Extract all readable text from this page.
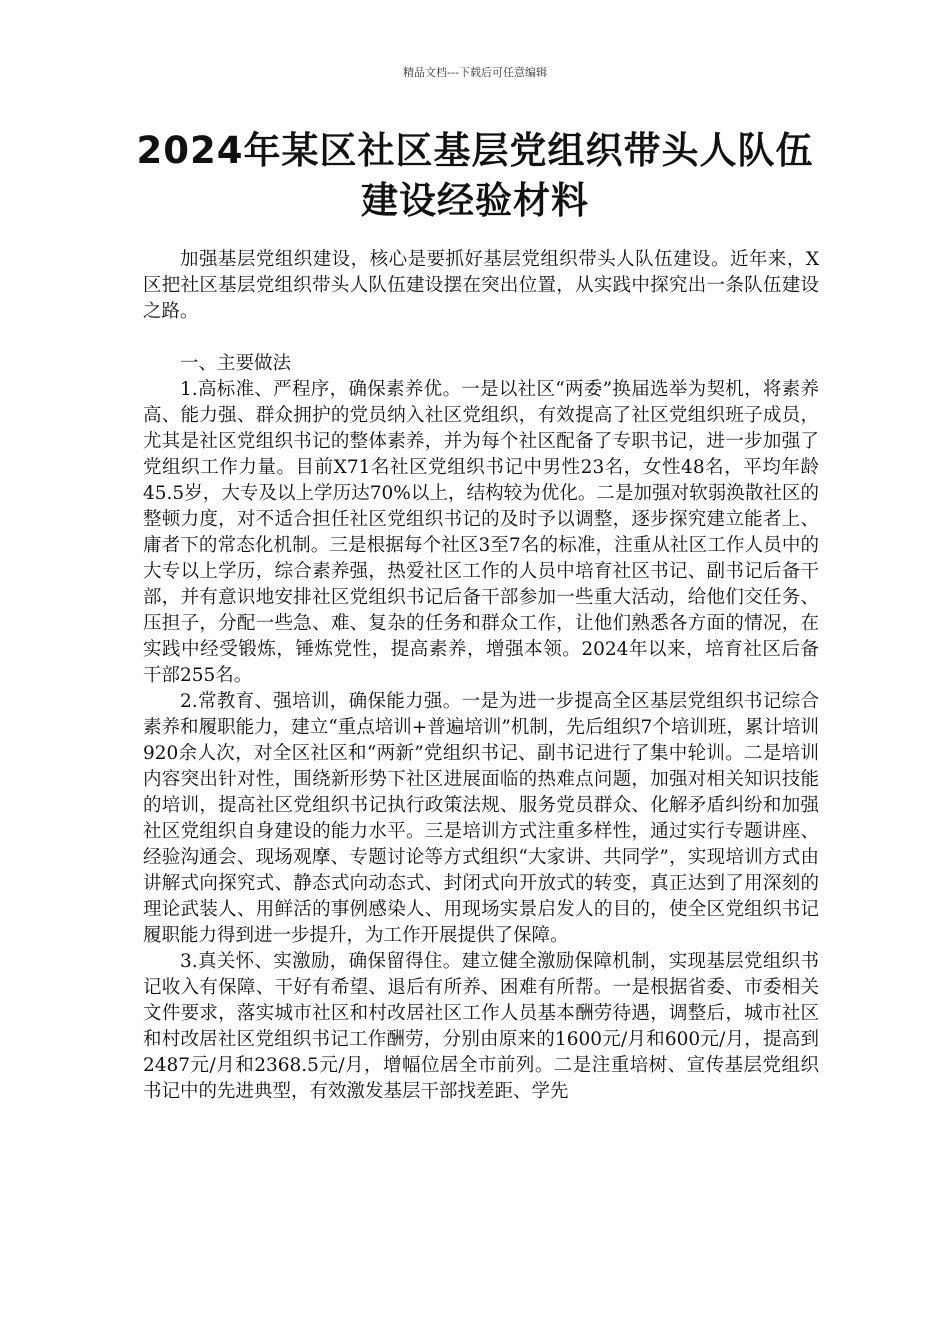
精品文档---下载后可任意编辑
2024年某区社区基层党组织带头人队伍
建设经验材料

加强基层党组织建设，核心是要抓好基层党组织带头人队伍建设。近年来，X区把社区基层党组织带头人队伍建设摆在突出位置，从实践中探究出一条队伍建设之路。

一、主要做法

1.高标准、严程序，确保素养优。一是以社区“两委”换届选举为契机，将素养高、能力强、群众拥护的党员纳入社区党组织，有效提高了社区党组织班子成员，尤其是社区党组织书记的整体素养，并为每个社区配备了专职书记，进一步加强了党组织工作力量。目前X71名社区党组织书记中男性23名，女性48名，平均年龄45.5岁，大专及以上学历达70%以上，结构较为优化。二是加强对软弱涣散社区的整顿力度，对不适合担任社区党组织书记的及时予以调整，逐步探究建立能者上、庸者下的常态化机制。三是根据每个社区3至7名的标准，注重从社区工作人员中的大专以上学历，综合素养强，热爱社区工作的人员中培育社区书记、副书记后备干部，并有意识地安排社区党组织书记后备干部参加一些重大活动，给他们交任务、压担子，分配一些急、难、复杂的任务和群众工作，让他们熟悉各方面的情况，在实践中经受锻炼，锤炼党性，提高素养，增强本领。2024年以来，培育社区后备干部255名。

2.常教育、强培训，确保能力强。一是为进一步提高全区基层党组织书记综合素养和履职能力，建立“重点培训+普遍培训”机制，先后组织7个培训班，累计培训920余人次，对全区社区和“两新”党组织书记、副书记进行了集中轮训。二是培训内容突出针对性，围绕新形势下社区进展面临的热难点问题，加强对相关知识技能的培训，提高社区党组织书记执行政策法规、服务党员群众、化解矛盾纠纷和加强社区党组织自身建设的能力水平。三是培训方式注重多样性，通过实行专题讲座、经验沟通会、现场观摩、专题讨论等方式组织“大家讲、共同学”，实现培训方式由讲解式向探究式、静态式向动态式、封闭式向开放式的转变，真正达到了用深刻的理论武装人、用鲜活的事例感染人、用现场实景启发人的目的，使全区党组织书记履职能力得到进一步提升，为工作开展提供了保障。

3.真关怀、实激励，确保留得住。建立健全激励保障机制，实现基层党组织书记收入有保障、干好有希望、退后有所养、困难有所帮。一是根据省委、市委相关文件要求，落实城市社区和村改居社区工作人员基本酬劳待遇，调整后，城市社区和村改居社区党组织书记工作酬劳，分别由原来的1600元/月和600元/月，提高到2487元/月和2368.5元/月，增幅位居全市前列。二是注重培树、宣传基层党组织书记中的先进典型，有效激发基层干部找差距、学先
